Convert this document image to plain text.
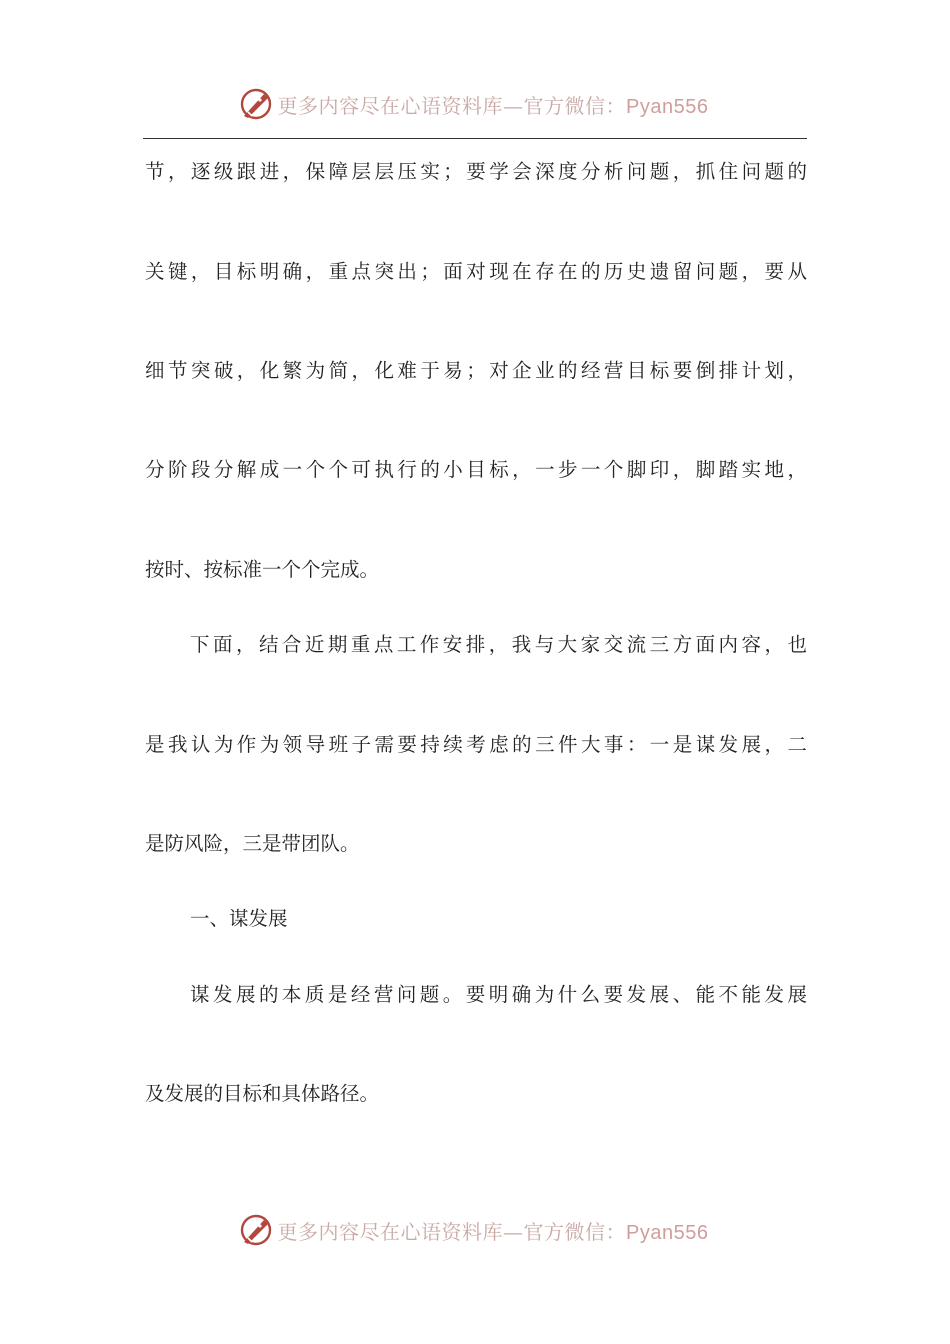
更多内容尽在心语资料库—官方微信：Pyan556
节，逐级跟进，保障层层压实；要学会深度分析问题，抓住问题的
关键，目标明确，重点突出；面对现在存在的历史遗留问题，要从
细节突破，化繁为简，化难于易；对企业的经营目标要倒排计划，
分阶段分解成一个个可执行的小目标，一步一个脚印，脚踏实地，
按时、按标准一个个完成。
下面，结合近期重点工作安排，我与大家交流三方面内容，也
是我认为作为领导班子需要持续考虑的三件大事：一是谋发展，二
是防风险，三是带团队。
一、谋发展
谋发展的本质是经营问题。要明确为什么要发展、能不能发展
及发展的目标和具体路径。
更多内容尽在心语资料库—官方微信：Pyan556
